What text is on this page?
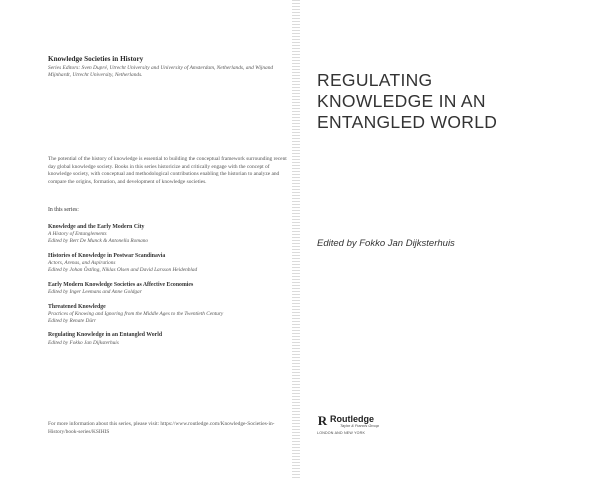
Knowledge Societies in History
Series Editors: Sven Dupré, Utrecht University and University of Amsterdam, Netherlands, and Wijnand Mijnhardt, Utrecht University, Netherlands.
The potential of the history of knowledge is essential to building the conceptual framework surrounding recent day global knowledge society. Books in this series historicize and critically engage with the concept of knowledge society, with conceptual and methodological contributions enabling the historian to analyze and compare the origins, formation, and development of knowledge societies.
In this series:
Knowledge and the Early Modern City
A History of Entanglements
Edited by Bert De Munck & Antonella Romano
Histories of Knowledge in Postwar Scandinavia
Actors, Arenas, and Aspirations
Edited by Johan Östling, Niklas Olsen and David Larsson Heidenblad
Early Modern Knowledge Societies as Affective Economies
Edited by Inger Leemans and Anne Goldgar
Threatened Knowledge
Practices of Knowing and Ignoring from the Middle Ages to the Twentieth Century
Edited by Renate Dürr
Regulating Knowledge in an Entangled World
Edited by Fokko Jan Dijksterhuis
For more information about this series, please visit: https://www.routledge.com/Knowledge-Societies-in-History/book-series/KSIHIS
REGULATING
KNOWLEDGE IN AN
ENTANGLED WORLD
Edited by Fokko Jan Dijksterhuis
R Routledge
Taylor & Francis Group
LONDON AND NEW YORK
